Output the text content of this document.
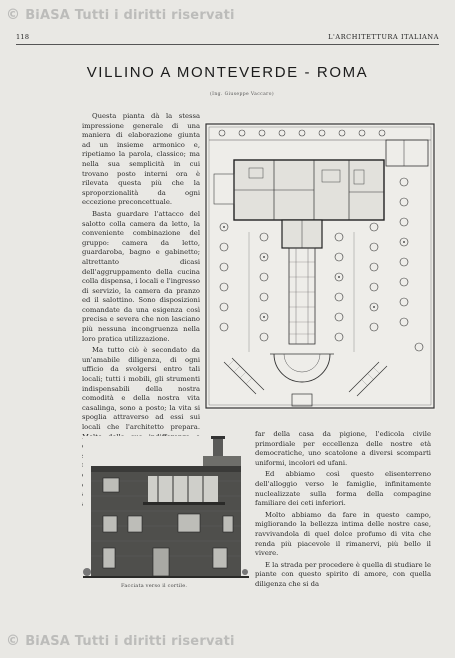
© BiASA Tutti i diritti riservati
© BiASA Tutti i diritti riservati
118	L'ARCHITETTURA ITALIANA
VILLINO A MONTEVERDE - ROMA
(Ing. Giuseppe Vaccaro)

Questa pianta dà la stessa impressione generale di una maniera di elaborazione giunta ad un insieme armonico e, ripetiamo la parola, classico; ma nella sua semplicità in cui trovano posto interni ora è rilevata questa più che la sproporzionalità da ogni eccezione preconcettuale.

Basta guardare l'attacco del salotto colla camera da letto, la conveniente combinazione del gruppo: camera da letto, guardaroba, bagno e gabinetto; altrettanto dicasi dell'aggruppamento della cucina colla dispensa, i locali e l'ingresso di servizio, la camera da pranzo ed il salottino. Sono disposizioni comandate da una esigenza così precisa e severa che non lasciano più nessuna incongruenza nella loro pratica utilizzazione.

Ma tutto ciò è secondato da un'amabile diligenza, di ogni ufficio da svolgersi entro tali locali; tutti i mobili, gli strumenti indispensabili della nostra comodità e della nostra vita casalinga, sono a posto; la vita si spoglia attraverso ad essi sui locali che l'architetto prepara.

Facciata verso il cortile.

far della casa da pigione, l'edicola civile primordiale per eccellenza delle nostre età democratiche, uno scatolone a diversi scomparti uniformi, incolori ed ufani.

Ed abbiamo così questo elisenterreno dell'alloggio verso le famiglie, infinitamente nuclealizzate sulla forma della compagine familiare dei ceti inferiori.

Molto abbiamo da fare in questo campo, migliorando la bellezza intima delle nostre case, ravvivandola di quel dolce profumo di vita che renda più piacevole il rimanervi, più bello il vivere.

E la strada per procedere è quella di studiare le piante con questo spirito di amore, con quella diligenza che si da
